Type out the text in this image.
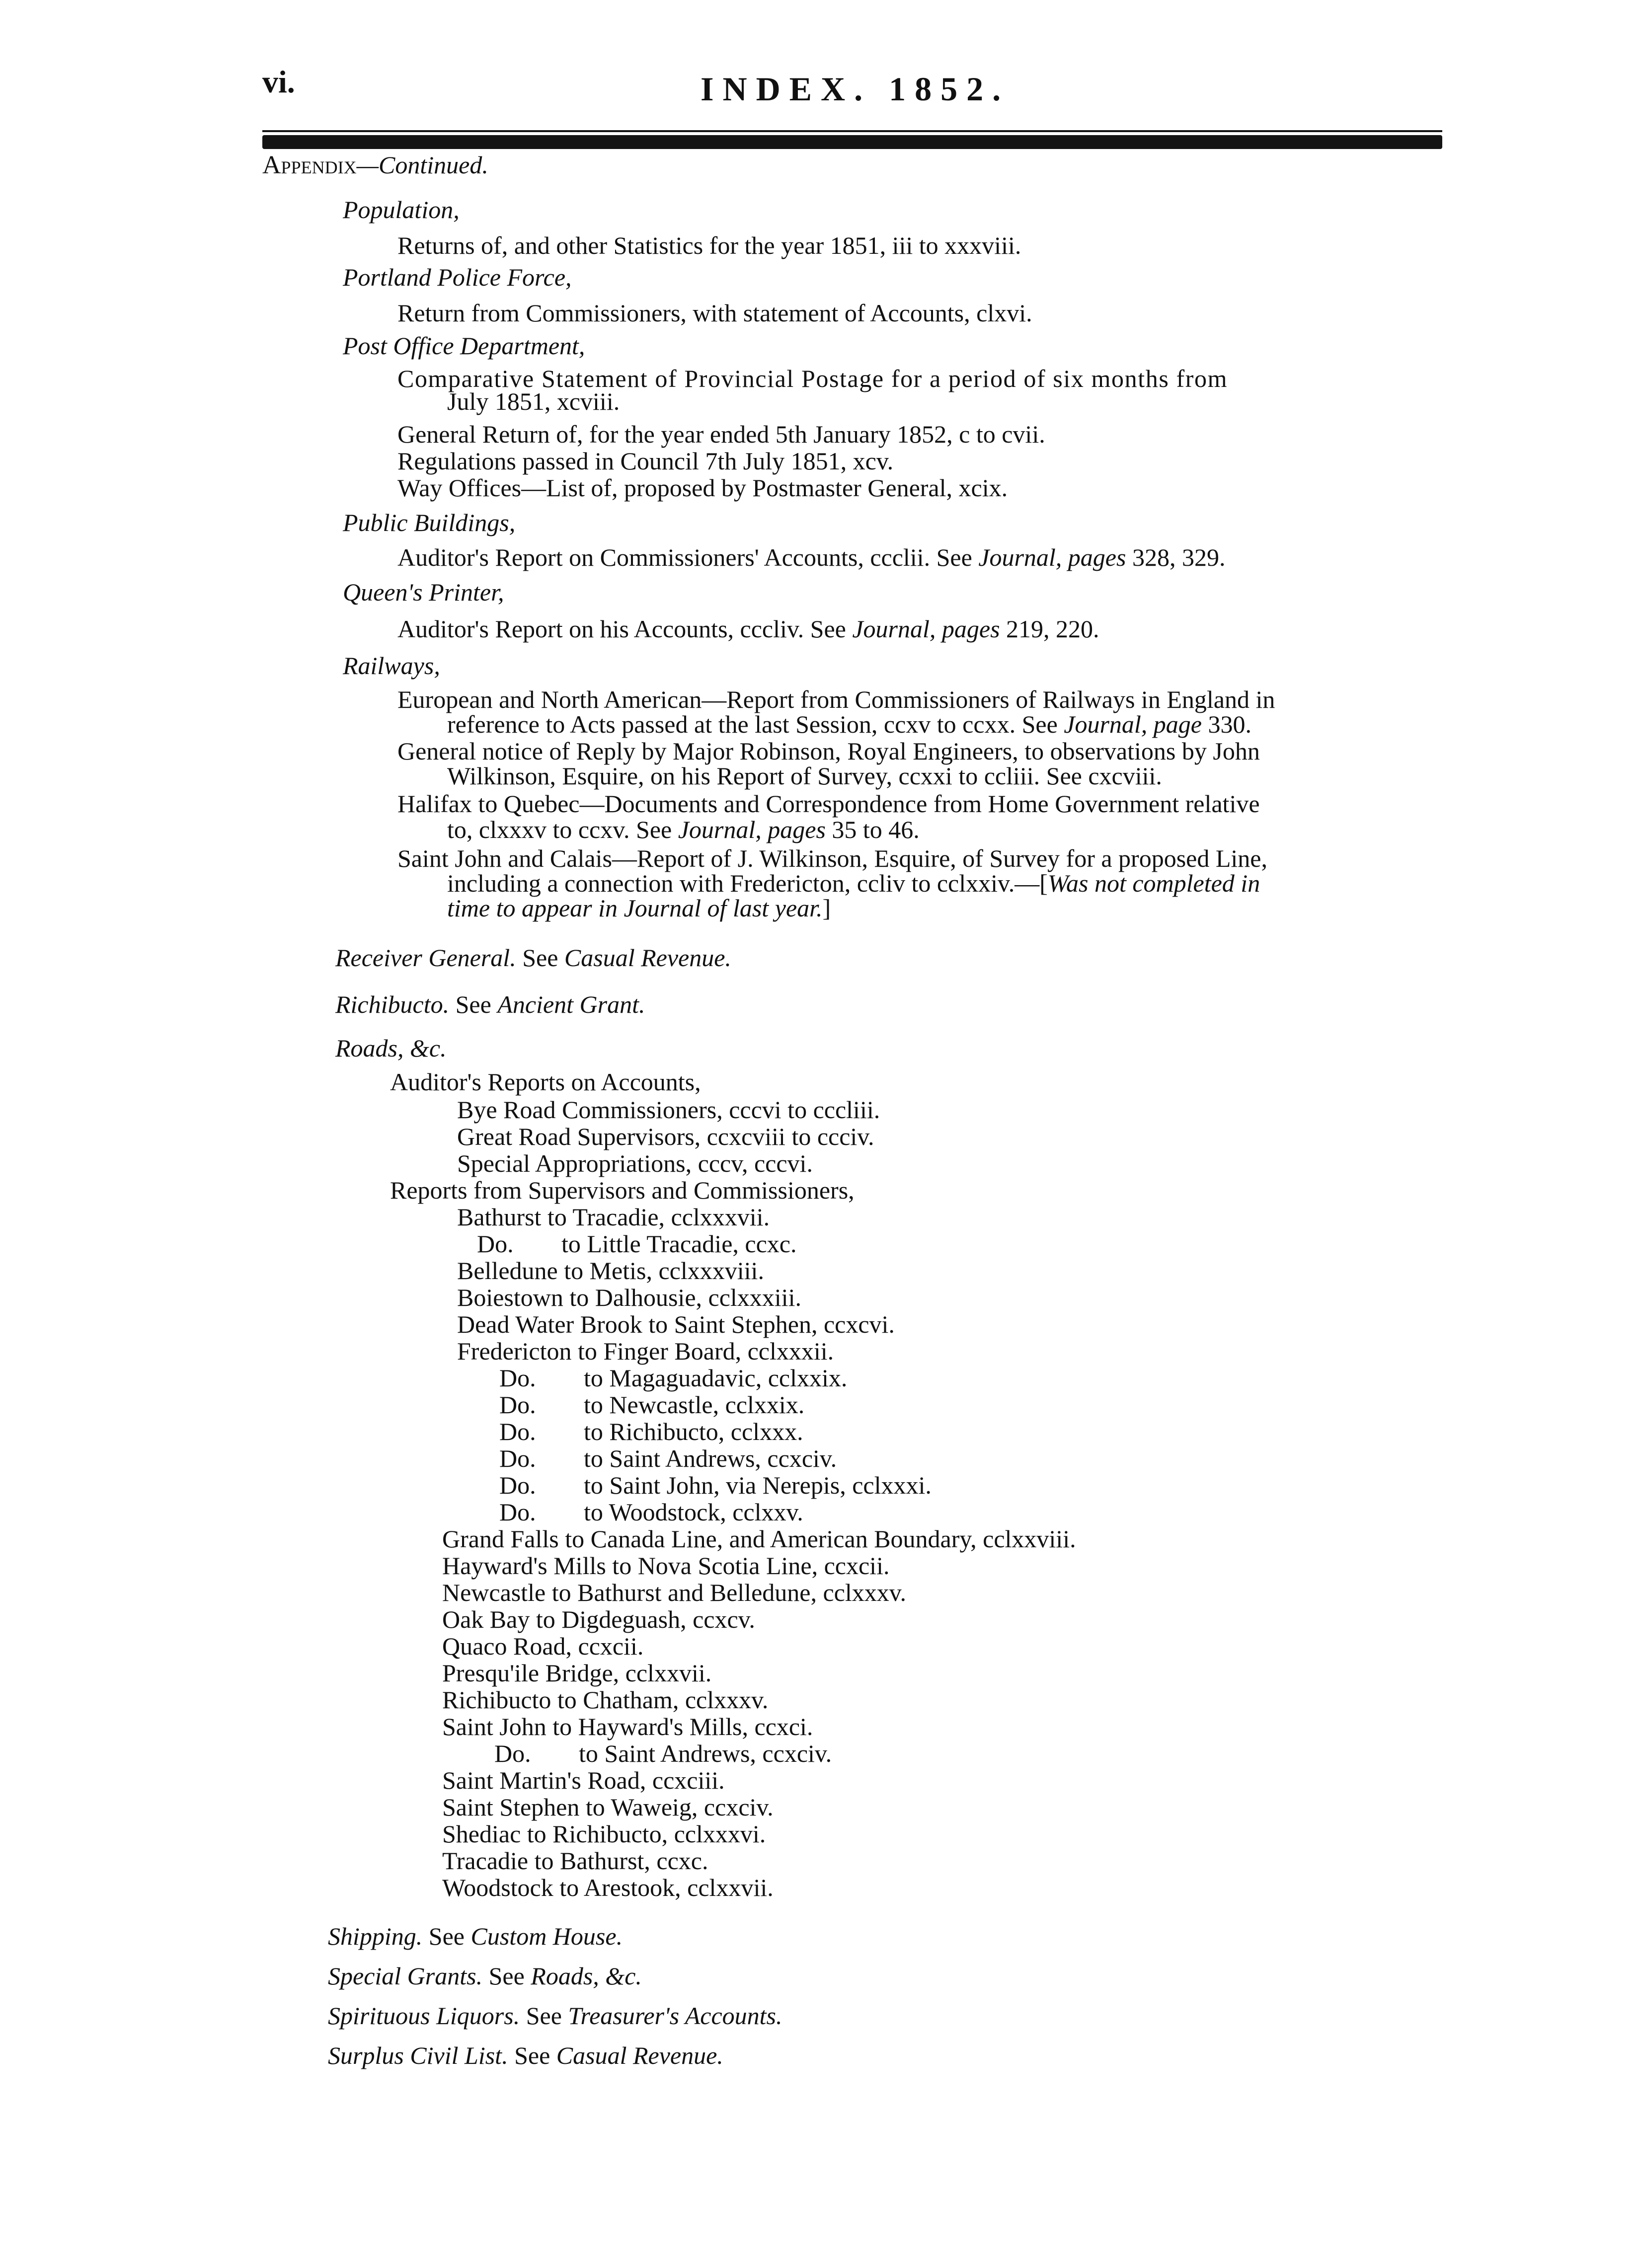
vi.	INDEX. 1852.
Appendix—Continued.
Population,
Returns of, and other Statistics for the year 1851, iii to xxxviii.
Portland Police Force,
Return from Commissioners, with statement of Accounts, clxvi.
Post Office Department,
Comparative Statement of Provincial Postage for a period of six months from
July 1851, xcviii.
General Return of, for the year ended 5th January 1852, c to cvii.
Regulations passed in Council 7th July 1851, xcv.
Way Offices—List of, proposed by Postmaster General, xcix.
Public Buildings,
Auditor's Report on Commissioners' Accounts, ccclii. See Journal, pages 328, 329.
Queen's Printer,
Auditor's Report on his Accounts, cccliv. See Journal, pages 219, 220.
Railways,
European and North American—Report from Commissioners of Railways in England in
reference to Acts passed at the last Session, ccxv to ccxx. See Journal, page 330.
General notice of Reply by Major Robinson, Royal Engineers, to observations by John
Wilkinson, Esquire, on his Report of Survey, ccxxi to ccliii. See cxcviii.
Halifax to Quebec—Documents and Correspondence from Home Government relative
to, clxxxv to ccxv. See Journal, pages 35 to 46.
Saint John and Calais—Report of J. Wilkinson, Esquire, of Survey for a proposed Line,
including a connection with Fredericton, ccliv to cclxxiv.—[Was not completed in
time to appear in Journal of last year.]
Receiver General. See Casual Revenue.
Richibucto. See Ancient Grant.
Roads, &c.
Auditor's Reports on Accounts,
Bye Road Commissioners, cccvi to cccliii.
Great Road Supervisors, ccxcviii to ccciv.
Special Appropriations, cccv, cccvi.
Reports from Supervisors and Commissioners,
Bathurst to Tracadie, cclxxxvii.
Do. to Little Tracadie, ccxc.
Belledune to Metis, cclxxxviii.
Boiestown to Dalhousie, cclxxxiii.
Dead Water Brook to Saint Stephen, ccxcvi.
Fredericton to Finger Board, cclxxxii.
Do. to Magaguadavic, cclxxix.
Do. to Newcastle, cclxxix.
Do. to Richibucto, cclxxx.
Do. to Saint Andrews, ccxciv.
Do. to Saint John, via Nerepis, cclxxxi.
Do. to Woodstock, cclxxv.
Grand Falls to Canada Line, and American Boundary, cclxxviii.
Hayward's Mills to Nova Scotia Line, ccxcii.
Newcastle to Bathurst and Belledune, cclxxxv.
Oak Bay to Digdeguash, ccxcv.
Quaco Road, ccxcii.
Presqu'ile Bridge, cclxxvii.
Richibucto to Chatham, cclxxxv.
Saint John to Hayward's Mills, ccxci.
Do. to Saint Andrews, ccxciv.
Saint Martin's Road, ccxciii.
Saint Stephen to Waweig, ccxciv.
Shediac to Richibucto, cclxxxvi.
Tracadie to Bathurst, ccxc.
Woodstock to Arestook, cclxxvii.
Shipping. See Custom House.
Special Grants. See Roads, &c.
Spirituous Liquors. See Treasurer's Accounts.
Surplus Civil List. See Casual Revenue.
